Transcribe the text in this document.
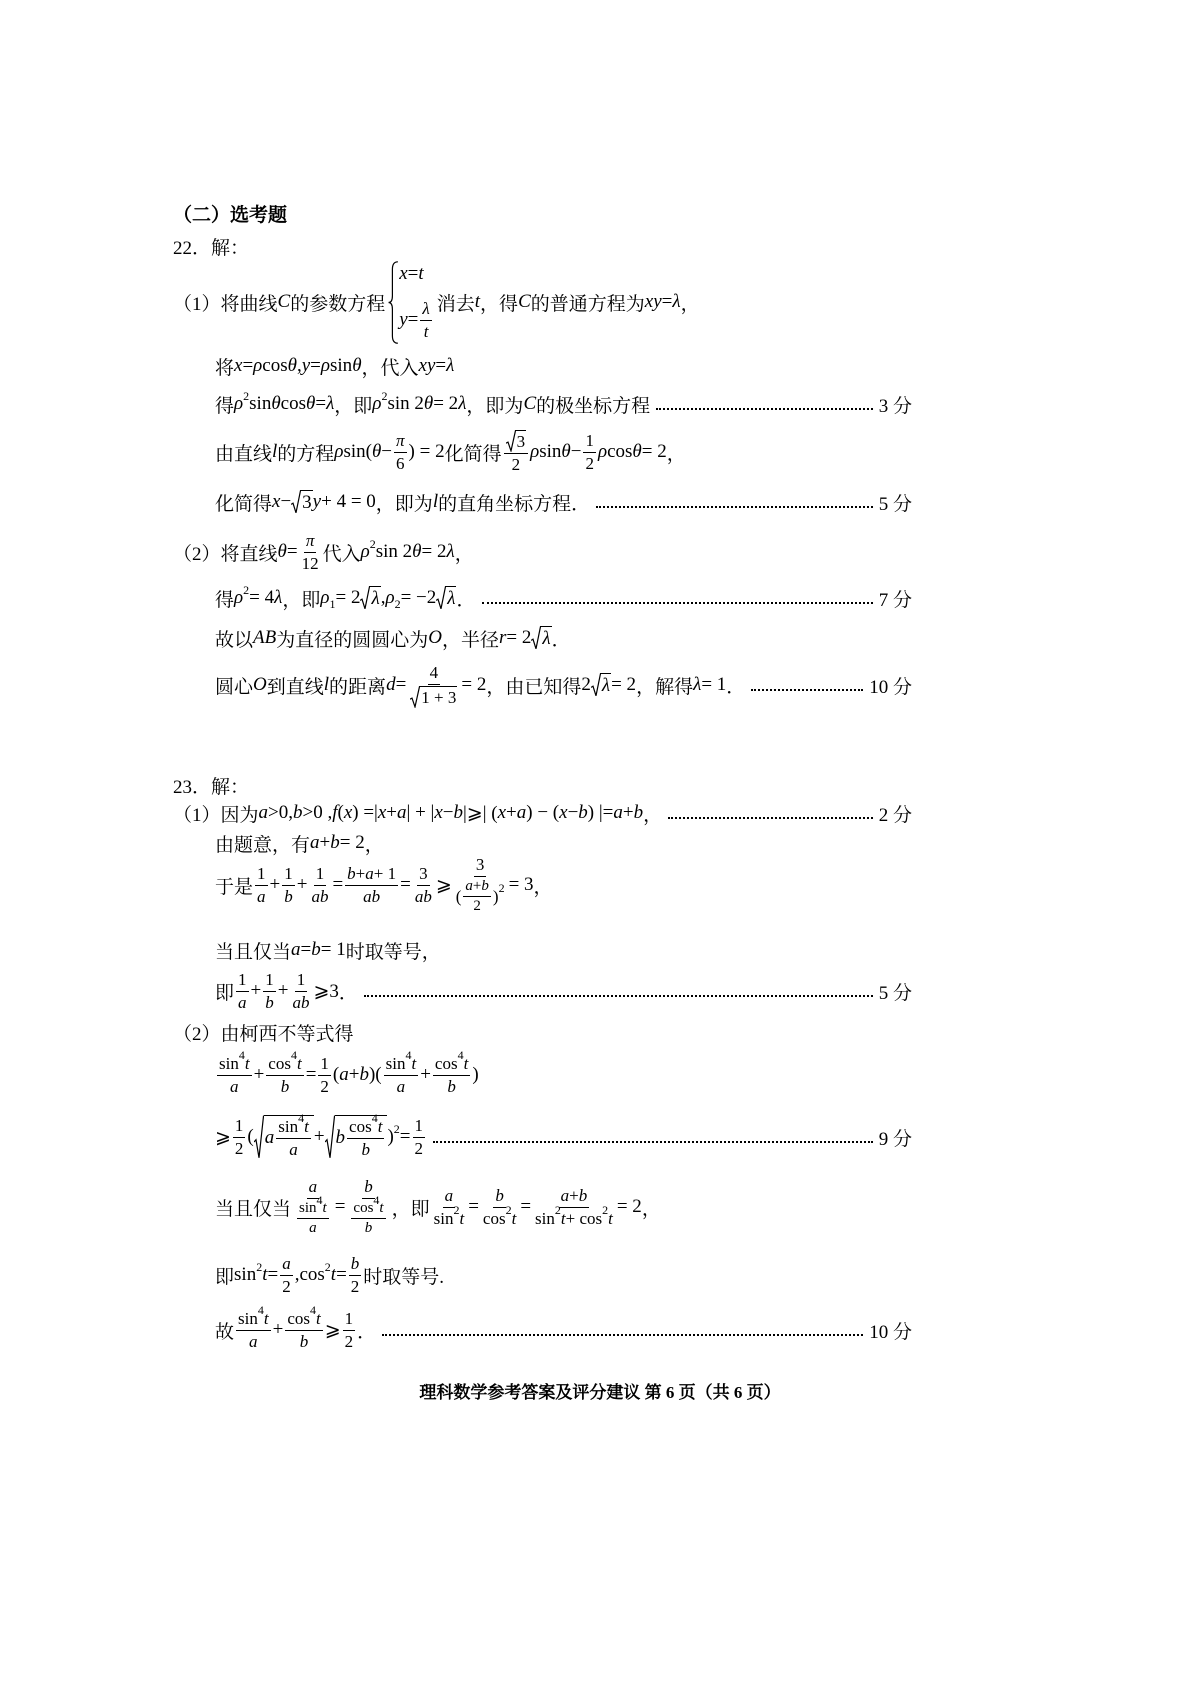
（二）选考题
22．解：
（1）将曲线 C 的参数方程
x = t
$y = \frac{\lambda}{t}$ 消去 t ，得 C 的普通方程为 xy = λ ，
将 x = ρ cos θ , y = ρ sin θ ，代入 xy = λ
得 ρ 2 sin θ cos θ = λ ，即 ρ 2 sin 2 θ = 2 λ ，即为 C 的极坐标方程	3 分
由直线 l 的方程 ρ sin( $\theta - \frac{\pi}{6}$ ) = 2 化简得 $\frac{3}{2}$ ρ $\sin \theta - \frac{1}{2}$ ρ cos θ = 2 ，
化简得 x − 3 y + 4 = 0 ，即为 l 的直角坐标方程．	5 分
（2）将直线 $\theta = \frac{\pi}{12}$ 代入 ρ 2 sin 2 θ = 2 λ ，
得 ρ 2 = 4 λ ，即 ρ 1 = 2 λ , ρ 2 = −2 λ ．	7 分
故以 AB 为直径的圆圆心为 O ，半径 r = 2 λ ．
圆心 O 到直线 l 的距离 $d = \frac{4}{1 + 3} = 2$ ，由已知得 2 λ = 2 ，解得 λ = 1 ．	10 分
23．解：
（1）因为 a >0, b >0 , f ( x ) =| x + a | + | x − b |⩾| ( x + a ) − ( x − b ) |= a + b ，	2 分
由题意，有 a + b = 2 ，
于是 $\frac{1}{a} + \frac{1}{b} + \frac{1}{ab} = \frac{b + a + 1}{ab} = \frac{3}{ab}$ ⩾ $\frac{3}{( \frac{a + b}{2} ) 2} = 3$ ，
当且仅当 a = b = 1 时取等号，
即 $\frac{1}{a} + \frac{1}{b} + \frac{1}{ab}$ ⩾3 ．	5 分
（2）由柯西不等式得
$\frac{\sin 4 t}{a} + \frac{\cos 4 t}{b} = \frac{1}{2}$ ( a + b )( $\frac{\sin 4 t}{a} + \frac{\cos 4 t}{b}$ )
⩾ $\frac{1}{2}$ ( a $\frac{\sin 4 t}{a} + b \frac{\cos 4 t}{b}$ ) $2 = \frac{1}{2}$	9 分
当且仅当 $\frac{a}{\frac{\sin 4 t}{a}} = \frac{b}{\frac{\cos 4 t}{b}}$ ，即 $\frac{a}{\sin 2 t} = \frac{b}{\cos 2 t} = \frac{a + b}{\sin 2 t + \cos 2 t} = 2$ ，
即 sin 2 $t = \frac{a}{2} ,\cos$ 2 $t = \frac{b}{2}$ 时取等号.
故 $\frac{\sin 4 t}{a} + \frac{\cos 4 t}{b}$ ⩾ $\frac{1}{2}$ ．	10 分
理科数学参考答案及评分建议 第 6 页（共 6 页）
